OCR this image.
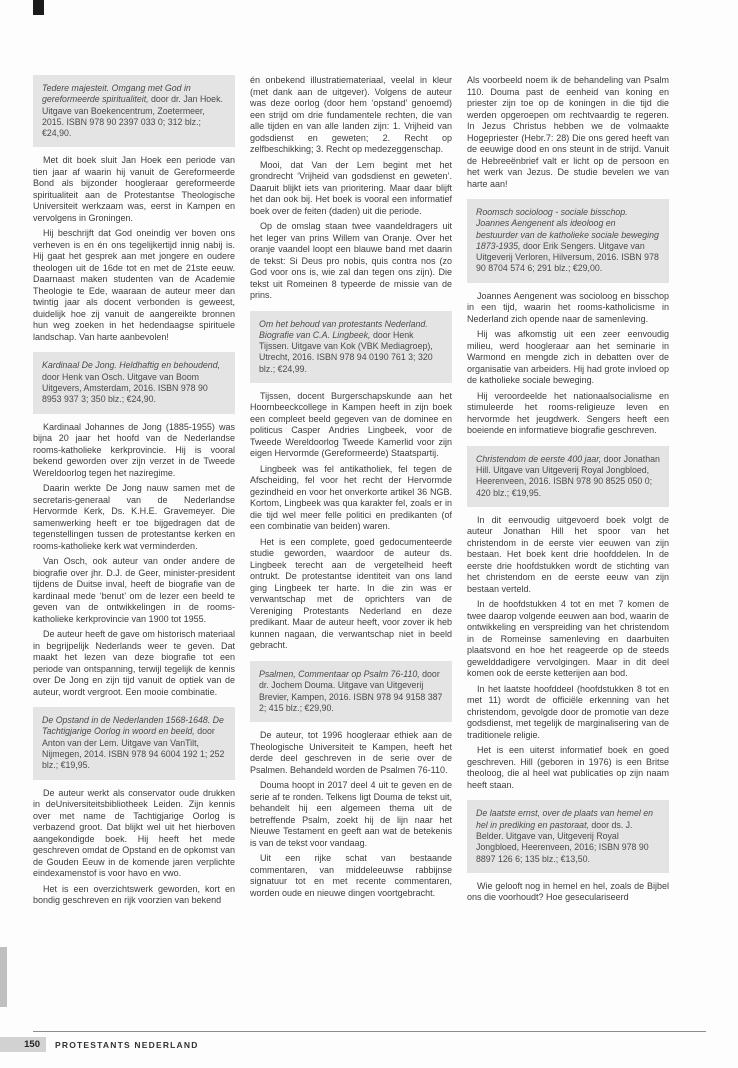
Tedere majesteit. Omgang met God in gereformeerde spiritualiteit, door dr. Jan Hoek. Uitgave van Boekencentrum, Zoetermeer, 2015. ISBN 978 90 2397 033 0; 312 blz.; €24,90.
Met dit boek sluit Jan Hoek een periode van tien jaar af waarin hij vanuit de Gereformeerde Bond als bijzonder hoogleraar gereformeerde spiritualiteit aan de Protestantse Theologische Universiteit werkzaam was, eerst in Kampen en vervolgens in Groningen.
Hij beschrijft dat God oneindig ver boven ons verheven is en én ons tegelijkertijd innig nabij is. Hij gaat het gesprek aan met jongere en oudere theologen uit de 16de tot en met de 21ste eeuw. Daarnaast maken studenten van de Academie Theologie te Ede, waaraan de auteur meer dan twintig jaar als docent verbonden is geweest, duidelijk hoe zij vanuit de aangereikte bronnen hun weg zoeken in het hedendaagse spirituele landschap. Van harte aanbevolen!
Kardinaal De Jong. Heldhaftig en behoudend, door Henk van Osch. Uitgave van Boom Uitgevers, Amsterdam, 2016. ISBN 978 90 8953 937 3; 350 blz.; €24,90.
Kardinaal Johannes de Jong (1885-1955) was bijna 20 jaar het hoofd van de Nederlandse rooms-katholieke kerkprovincie. Hij is vooral bekend geworden over zijn verzet in de Tweede Wereldoorlog tegen het naziregime.
Daarin werkte De Jong nauw samen met de secretaris-generaal van de Nederlandse Hervormde Kerk, Ds. K.H.E. Gravemeyer. Die samenwerking heeft er toe bijgedragen dat de tegenstellingen tussen de protestantse kerken en rooms-katholieke kerk wat verminderden.
Van Osch, ook auteur van onder andere de biografie over jhr. D.J. de Geer, minister-president tijdens de Duitse inval, heeft de biografie van de kardinaal mede ‘benut’ om de lezer een beeld te geven van de ontwikkelingen in de rooms-katholieke kerkprovincie van 1900 tot 1955.
De auteur heeft de gave om historisch materiaal in begrijpelijk Nederlands weer te geven. Dat maakt het lezen van deze biografie tot een periode van ontspanning, terwijl tegelijk de kennis over De Jong en zijn tijd vanuit de optiek van de auteur, wordt vergroot. Een mooie combinatie.
De Opstand in de Nederlanden 1568-1648. De Tachtigjarige Oorlog in woord en beeld, door Anton van der Lem. Uitgave van VanTilt, Nijmegen, 2014. ISBN 978 94 6004 192 1; 252 blz.; €19,95.
De auteur werkt als conservator oude drukken in deUniversiteitsbibliotheek Leiden. Zijn kennis over met name de Tachtigjarige Oorlog is verbazend groot. Dat blijkt wel uit het hierboven aangekondigde boek. Hij heeft het mede geschreven omdat de Opstand en de opkomst van de Gouden Eeuw in de komende jaren verplichte eindexamenstof is voor havo en vwo.
Het is een overzichtswerk geworden, kort en bondig geschreven en rijk voorzien van bekend
én onbekend illustratiemateriaal, veelal in kleur (met dank aan de uitgever). Volgens de auteur was deze oorlog (door hem ‘opstand’ genoemd) een strijd om drie fundamentele rechten, die van alle tijden en van alle landen zijn: 1. Vrijheid van godsdienst en geweten; 2. Recht op zelfbeschikking; 3. Recht op medezeggenschap.
Mooi, dat Van der Lem begint met het grondrecht ‘Vrijheid van godsdienst en geweten’. Daaruit blijkt iets van prioritering. Maar daar blijft het dan ook bij. Het boek is vooral een informatief boek over de feiten (daden) uit die periode.
Op de omslag staan twee vaandeldragers uit het leger van prins Willem van Oranje. Over het oranje vaandel loopt een blauwe band met daarin de tekst: Si Deus pro nobis, quis contra nos (zo God voor ons is, wie zal dan tegen ons zijn). Die tekst uit Romeinen 8 typeerde de missie van de prins.
Om het behoud van protestants Nederland. Biografie van C.A. Lingbeek, door Henk Tijssen. Uitgave van Kok (VBK Mediagroep), Utrecht, 2016. ISBN 978 94 0190 761 3; 320 blz.; €24,99.
Tijssen, docent Burgerschapskunde aan het Hoornbeeckcollege in Kampen heeft in zijn boek een compleet beeld gegeven van de dominee en politicus Casper Andries Lingbeek, voor de Tweede Wereldoorlog Tweede Kamerlid voor zijn eigen Hervormde (Gereformeerde) Staatspartij.
Lingbeek was fel antikatholiek, fel tegen de Afscheiding, fel voor het recht der Hervormde gezindheid en voor het onverkorte artikel 36 NGB. Kortom, Lingbeek was qua karakter fel, zoals er in die tijd wel meer felle politici en predikanten (of een combinatie van beiden) waren.
Het is een complete, goed gedocumenteerde studie geworden, waardoor de auteur ds. Lingbeek terecht aan de vergetelheid heeft ontrukt. De protestantse identiteit van ons land ging Lingbeek ter harte. In die zin was er verwantschap met de oprichters van de Vereniging Protestants Nederland en deze predikant. Maar de auteur heeft, voor zover ik heb kunnen nagaan, die verwantschap niet in beeld gebracht.
Psalmen, Commentaar op Psalm 76-110, door dr. Jochem Douma. Uitgave van Uitgeverij Brevier, Kampen, 2016. ISBN 978 94 9158 387 2; 415 blz.; €29,90.
De auteur, tot 1996 hoogleraar ethiek aan de Theologische Universiteit te Kampen, heeft het derde deel geschreven in de serie over de Psalmen. Behandeld worden de Psalmen 76-110.
Douma hoopt in 2017 deel 4 uit te geven en de serie af te ronden. Telkens ligt Douma de tekst uit, behandelt hij een algemeen thema uit de betreffende Psalm, zoekt hij de lijn naar het Nieuwe Testament en geeft aan wat de betekenis is van de tekst voor vandaag.
Uit een rijke schat van bestaande commentaren, van middeleeuwse rabbijnse signatuur tot en met recente commentaren, worden oude en nieuwe dingen voortgebracht.
Als voorbeeld noem ik de behandeling van Psalm 110. Douma past de eenheid van koning en priester zijn toe op de koningen in die tijd die werden opgeroepen om rechtvaardig te regeren. In Jezus Christus hebben we de volmaakte Hogepriester (Hebr.7: 28) Die ons gered heeft van de eeuwige dood en ons steunt in de strijd. Vanuit de Hebreeënbrief valt er licht op de persoon en het werk van Jezus. De studie bevelen we van harte aan!
Roomsch socioloog - sociale bisschop. Joannes Aengenent als ideoloog en bestuurder van de katholieke sociale beweging 1873-1935, door Erik Sengers. Uitgave van Uitgeverij Verloren, Hilversum, 2016. ISBN 978 90 8704 574 6; 291 blz.; €29,00.
Joannes Aengenent was socioloog en bisschop in een tijd, waarin het rooms-katholicisme in Nederland zich opende naar de samenleving.
Hij was afkomstig uit een zeer eenvoudig milieu, werd hoogleraar aan het seminarie in Warmond en mengde zich in debatten over de organisatie van arbeiders. Hij had grote invloed op de katholieke sociale beweging.
Hij veroordeelde het nationaalsocialisme en stimuleerde het rooms-religieuze leven en hervormde het jeugdwerk. Sengers heeft een boeiende en informatieve biografie geschreven.
Christendom de eerste 400 jaar, door Jonathan Hill. Uitgave van Uitgeverij Royal Jongbloed, Heerenveen, 2016. ISBN 978 90 8525 050 0; 420 blz.; €19,95.
In dit eenvoudig uitgevoerd boek volgt de auteur Jonathan Hill het spoor van het christendom in de eerste vier eeuwen van zijn bestaan. Het boek kent drie hoofddelen. In de eerste drie hoofdstukken wordt de stichting van het christendom en de eerste eeuw van zijn bestaan verteld.
In de hoofdstukken 4 tot en met 7 komen de twee daarop volgende eeuwen aan bod, waarin de ontwikkeling en verspreiding van het christendom in de Romeinse samenleving en daarbuiten plaatsvond en hoe het reageerde op de steeds gewelddadigere vervolgingen. Maar in dit deel komen ook de eerste ketterijen aan bod.
In het laatste hoofddeel (hoofdstukken 8 tot en met 11) wordt de officiële erkenning van het christendom, gevolgde door de promotie van deze godsdienst, met tegelijk de marginalisering van de traditionele religie.
Het is een uiterst informatief boek en goed geschreven. Hill (geboren in 1976) is een Britse theoloog, die al heel wat publicaties op zijn naam heeft staan.
De laatste ernst, over de plaats van hemel en hel in prediking en pastoraat, door ds. J. Belder. Uitgave van, Uitgeverij Royal Jongbloed, Heerenveen, 2016; ISBN 978 90 8897 126 6; 135 blz.; €13,50.
Wie gelooft nog in hemel en hel, zoals de Bijbel ons die voorhoudt? Hoe geseculariseerd
150	PROTESTANTS NEDERLAND
